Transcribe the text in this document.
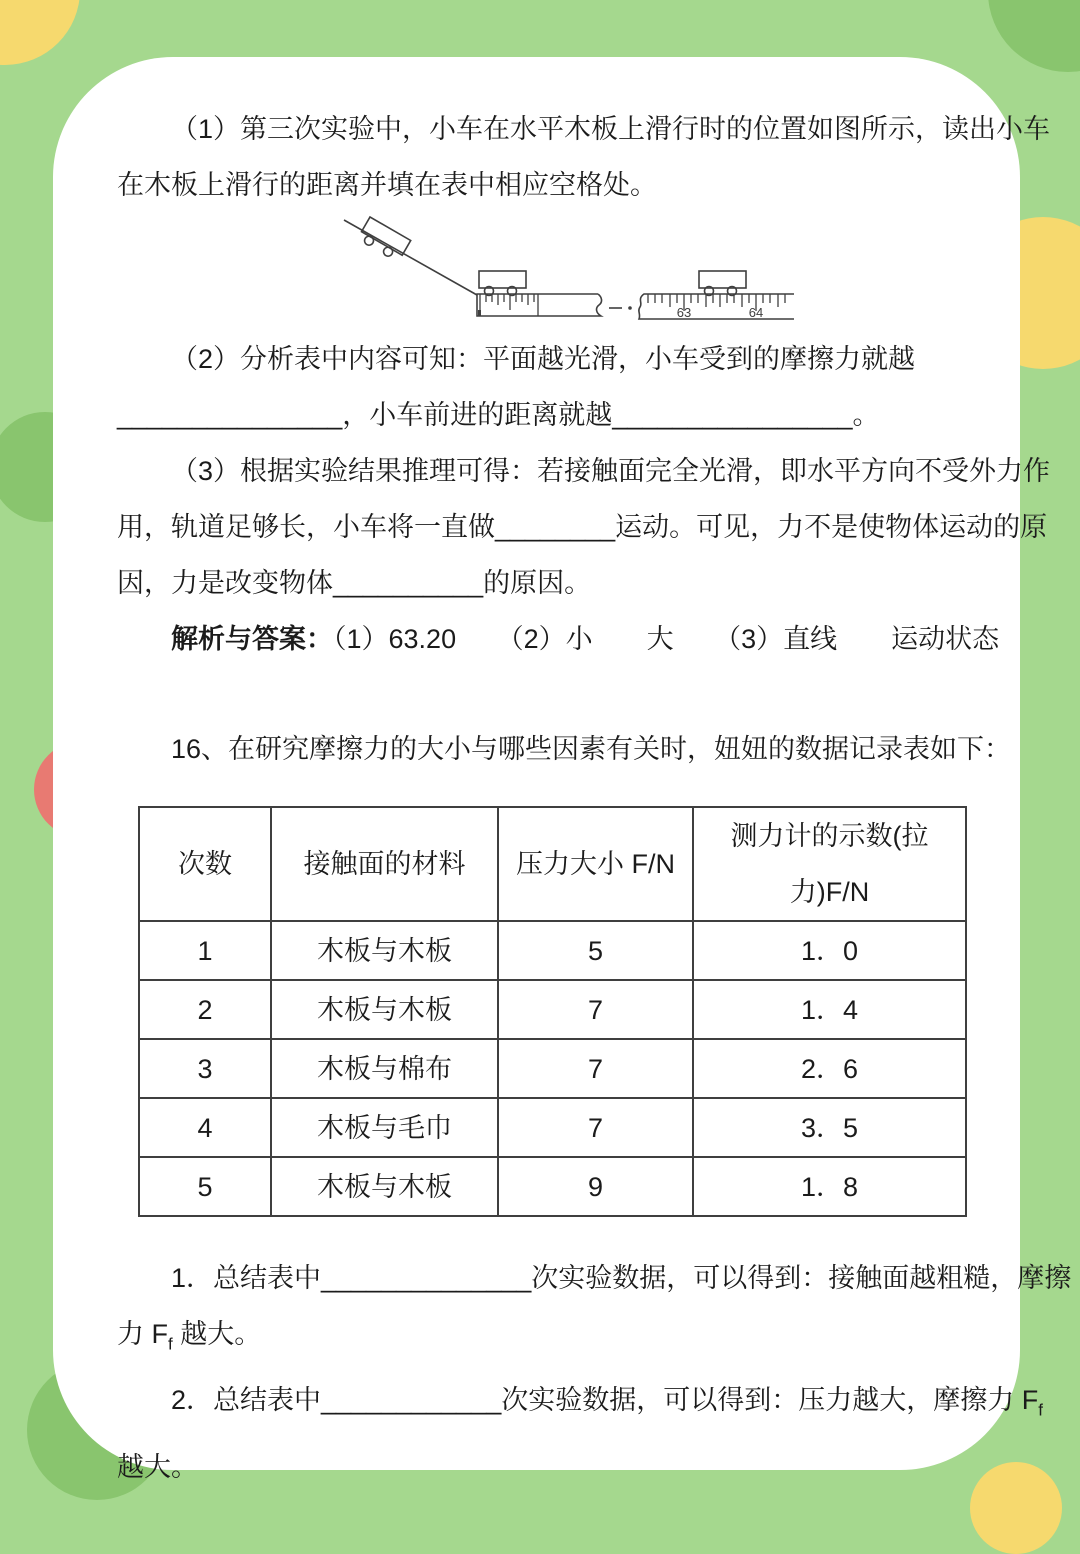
（1）第三次实验中，小车在水平木板上滑行时的位置如图所示，读出小车
在木板上滑行的距离并填在表中相应空格处。
63	64
（2）分析表中内容可知：平面越光滑，小车受到的摩擦力就越
_______________，小车前进的距离就越________________。
（3）根据实验结果推理可得：若接触面完全光滑，即水平方向不受外力作
用，轨道足够长，小车将一直做________运动。可见，力不是使物体运动的原
因，力是改变物体__________的原因。
解析与答案：（1）63.20　　（2）小　　大　　（3）直线　　运动状态
16、在研究摩擦力的大小与哪些因素有关时，妞妞的数据记录表如下：
次数	接触面的材料	压力大小 F/N	测力计的示数(拉力)F/N
1	木板与木板	5	1．0
2	木板与木板	7	1．4
3	木板与棉布	7	2．6
4	木板与毛巾	7	3．5
5	木板与木板	9	1．8
1．总结表中______________次实验数据，可以得到：接触面越粗糙，摩擦
力 $F_f$ 越大。
2．总结表中____________次实验数据，可以得到：压力越大，摩擦力 $F_f$
越大。
